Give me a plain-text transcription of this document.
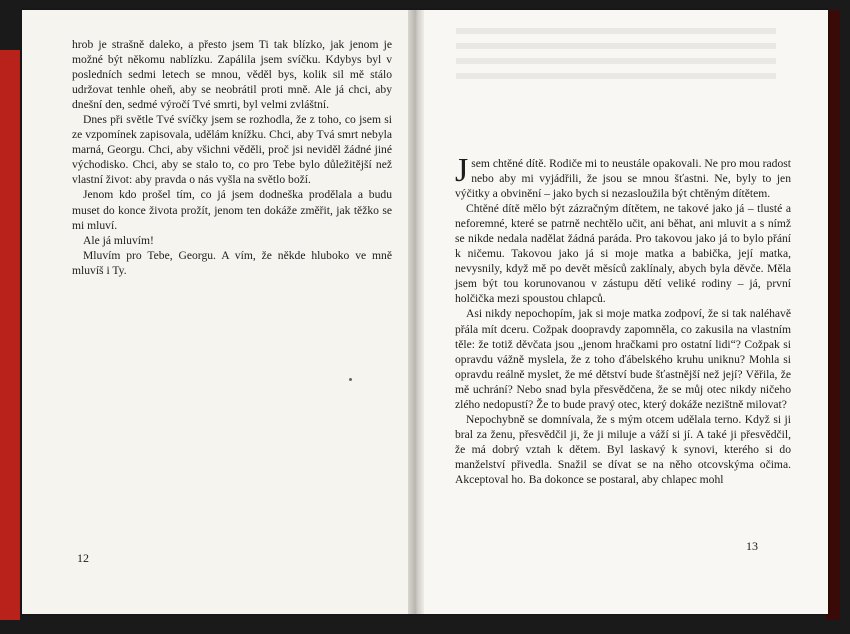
hrob je strašně daleko, a přesto jsem Ti tak blízko, jak jenom je možné být někomu nablízku. Zapálila jsem svíčku. Kdybys byl v posledních sedmi letech se mnou, věděl bys, kolik sil mě stálo udržovat tenhle oheň, aby se neobrátil proti mně. Ale já chci, aby dnešní den, sedmé výročí Tvé smrti, byl velmi zvláštní.

Dnes při světle Tvé svíčky jsem se rozhodla, že z toho, co jsem si ze vzpomínek zapisovala, udělám knížku. Chci, aby Tvá smrt nebyla marná, Georgu. Chci, aby všichni věděli, proč jsi neviděl žádné jiné východisko. Chci, aby se stalo to, co pro Tebe bylo důležitější než vlastní život: aby pravda o nás vyšla na světlo boží.

Jenom kdo prošel tím, co já jsem dodneška prodělala a budu muset do konce života prožít, jenom ten dokáže změřit, jak těžko se mi mluví.

Ale já mluvím!

Mluvím pro Tebe, Georgu. A vím, že někde hluboko ve mně mluvíš i Ty.

12

Jsem chtěné dítě. Rodiče mi to neustále opakovali. Ne pro mou radost nebo aby mi vyjádřili, že jsou se mnou šťastni. Ne, byly to jen výčitky a obvinění – jako bych si nezasloužila být chtěným dítětem.

Chtěné dítě mělo být zázračným dítětem, ne takové jako já – tlusté a neforemné, které se patrně nechtělo učit, ani běhat, ani mluvit a s nímž se nikde nedala nadělat žádná paráda. Pro takovou jako já to bylo přání k ničemu. Takovou jako já si moje matka a babička, její matka, nevysnily, když mě po devět měsíců zaklínaly, abych byla děvče. Měla jsem být tou korunovanou v zástupu dětí veliké rodiny – já, první holčička mezi spoustou chlapců.

Asi nikdy nepochopím, jak si moje matka zodpoví, že si tak naléhavě přála mít dceru. Cožpak doopravdy zapomněla, co zakusila na vlastním těle: že totiž děvčata jsou „jenom hračkami pro ostatní lidi“? Cožpak si opravdu vážně myslela, že z toho ďábelského kruhu uniknu? Mohla si opravdu reálně myslet, že mé dětství bude šťastnější než její? Věřila, že mě uchrání? Nebo snad byla přesvědčena, že se můj otec nikdy ničeho zlého nedopustí? Že to bude pravý otec, který dokáže nezištně milovat?

Nepochybně se domnívala, že s mým otcem udělala terno. Když si ji bral za ženu, přesvědčil ji, že ji miluje a váží si jí. A také ji přesvědčil, že má dobrý vztah k dětem. Byl laskavý k synovi, kterého si do manželství přivedla. Snažil se dívat se na něho otcovskýma očima. Akceptoval ho. Ba dokonce se postaral, aby chlapec mohl

13
